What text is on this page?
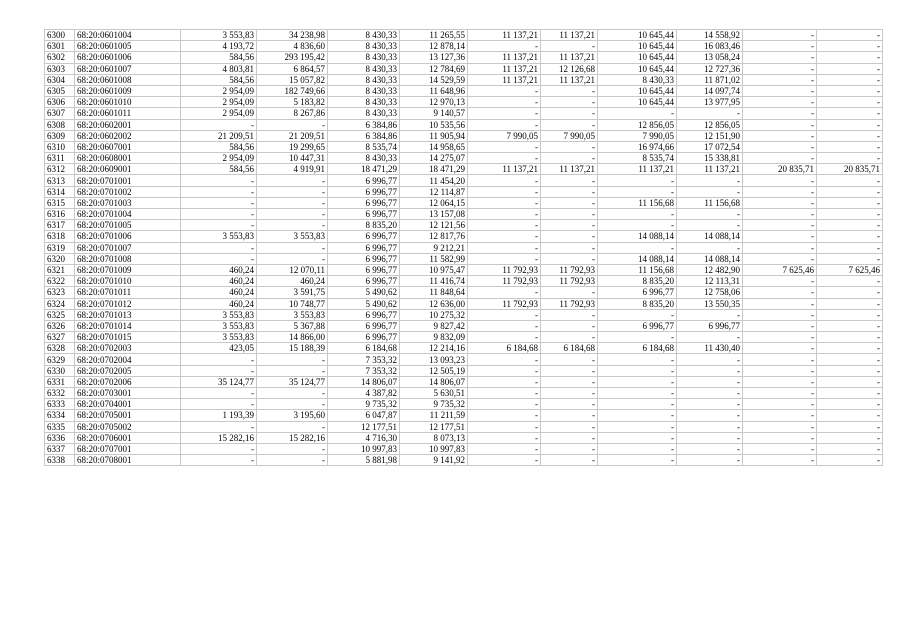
6300	68:20:0601004	3 553,83	34 238,98	8 430,33	11 265,55	11 137,21	11 137,21	10 645,44	14 558,92	-	-
6301	68:20:0601005	4 193,72	4 836,60	8 430,33	12 878,14	-	-	10 645,44	16 083,46	-	-
6302	68:20:0601006	584,56	293 195,42	8 430,33	13 127,36	11 137,21	11 137,21	10 645,44	13 058,24	-	-
6303	68:20:0601007	4 803,81	6 864,57	8 430,33	12 784,69	11 137,21	12 126,68	10 645,44	12 727,36	-	-
6304	68:20:0601008	584,56	15 057,82	8 430,33	14 529,59	11 137,21	11 137,21	8 430,33	11 871,02	-	-
6305	68:20:0601009	2 954,09	182 749,66	8 430,33	11 648,96	-	-	10 645,44	14 097,74	-	-
6306	68:20:0601010	2 954,09	5 183,82	8 430,33	12 970,13	-	-	10 645,44	13 977,95	-	-
6307	68:20:0601011	2 954,09	8 267,86	8 430,33	9 140,57	-	-	-	-	-	-
6308	68:20:0602001	-	-	6 384,86	10 535,56	-	-	12 856,05	12 856,05	-	-
6309	68:20:0602002	21 209,51	21 209,51	6 384,86	11 905,94	7 990,05	7 990,05	7 990,05	12 151,90	-	-
6310	68:20:0607001	584,56	19 299,65	8 535,74	14 958,65	-	-	16 974,66	17 072,54	-	-
6311	68:20:0608001	2 954,09	10 447,31	8 430,33	14 275,07	-	-	8 535,74	15 338,81	-	-
6312	68:20:0609001	584,56	4 919,91	18 471,29	18 471,29	11 137,21	11 137,21	11 137,21	11 137,21	20 835,71	20 835,71
6313	68:20:0701001	-	-	6 996,77	11 454,20	-	-	-	-	-	-
6314	68:20:0701002	-	-	6 996,77	12 114,87	-	-	-	-	-	-
6315	68:20:0701003	-	-	6 996,77	12 064,15	-	-	11 156,68	11 156,68	-	-
6316	68:20:0701004	-	-	6 996,77	13 157,08	-	-	-	-	-	-
6317	68:20:0701005	-	-	8 835,20	12 121,56	-	-	-	-	-	-
6318	68:20:0701006	3 553,83	3 553,83	6 996,77	12 817,76	-	-	14 088,14	14 088,14	-	-
6319	68:20:0701007	-	-	6 996,77	9 212,21	-	-	-	-	-	-
6320	68:20:0701008	-	-	6 996,77	11 582,99	-	-	14 088,14	14 088,14	-	-
6321	68:20:0701009	460,24	12 070,11	6 996,77	10 975,47	11 792,93	11 792,93	11 156,68	12 482,90	7 625,46	7 625,46
6322	68:20:0701010	460,24	460,24	6 996,77	11 416,74	11 792,93	11 792,93	8 835,20	12 113,31	-	-
6323	68:20:0701011	460,24	3 591,75	5 490,62	11 848,64	-	-	6 996,77	12 758,06	-	-
6324	68:20:0701012	460,24	10 748,77	5 490,62	12 636,00	11 792,93	11 792,93	8 835,20	13 550,35	-	-
6325	68:20:0701013	3 553,83	3 553,83	6 996,77	10 275,32	-	-	-	-	-	-
6326	68:20:0701014	3 553,83	5 367,88	6 996,77	9 827,42	-	-	6 996,77	6 996,77	-	-
6327	68:20:0701015	3 553,83	14 866,00	6 996,77	9 832,09	-	-	-	-	-	-
6328	68:20:0702003	423,05	15 188,39	6 184,68	12 214,16	6 184,68	6 184,68	6 184,68	11 430,40	-	-
6329	68:20:0702004	-	-	7 353,32	13 093,23	-	-	-	-	-	-
6330	68:20:0702005	-	-	7 353,32	12 505,19	-	-	-	-	-	-
6331	68:20:0702006	35 124,77	35 124,77	14 806,07	14 806,07	-	-	-	-	-	-
6332	68:20:0703001	-	-	4 387,82	5 630,51	-	-	-	-	-	-
6333	68:20:0704001	-	-	9 735,32	9 735,32	-	-	-	-	-	-
6334	68:20:0705001	1 193,39	3 195,60	6 047,87	11 211,59	-	-	-	-	-	-
6335	68:20:0705002	-	-	12 177,51	12 177,51	-	-	-	-	-	-
6336	68:20:0706001	15 282,16	15 282,16	4 716,30	8 073,13	-	-	-	-	-	-
6337	68:20:0707001	-	-	10 997,83	10 997,83	-	-	-	-	-	-
6338	68:20:0708001	-	-	5 881,98	9 141,92	-	-	-	-	-	-
